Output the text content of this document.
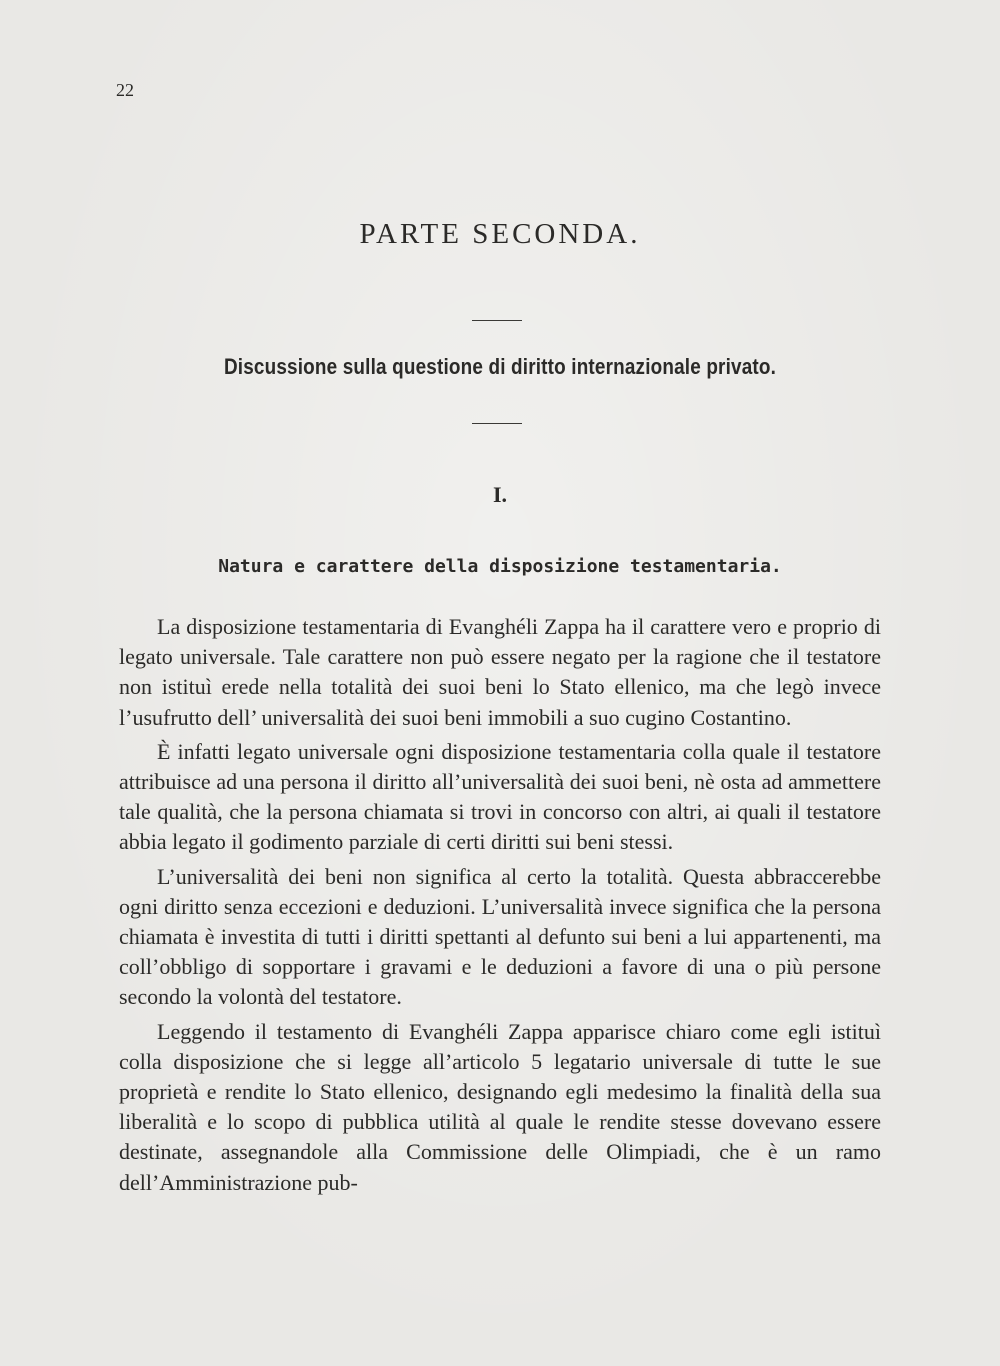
22
PARTE SECONDA.
Discussione sulla questione di diritto internazionale privato.
I.
Natura e carattere della disposizione testamentaria.

La disposizione testamentaria di Evanghéli Zappa ha il carattere vero e proprio di legato universale. Tale carattere non può essere negato per la ragione che il testatore non istituì erede nella totalità dei suoi beni lo Stato ellenico, ma che legò invece l’usufrutto dell’ universalità dei suoi beni immobili a suo cugino Costantino.

È infatti legato universale ogni disposizione testamentaria colla quale il testatore attribuisce ad una persona il diritto all’universalità dei suoi beni, nè osta ad ammettere tale qualità, che la persona chiamata si trovi in concorso con altri, ai quali il testatore abbia legato il godimento parziale di certi diritti sui beni stessi.

L’universalità dei beni non significa al certo la totalità. Questa abbraccerebbe ogni diritto senza eccezioni e deduzioni. L’universalità invece significa che la persona chiamata è investita di tutti i diritti spettanti al defunto sui beni a lui appartenenti, ma coll’obbligo di sopportare i gravami e le deduzioni a favore di una o più persone secondo la volontà del testatore.

Leggendo il testamento di Evanghéli Zappa apparisce chiaro come egli istituì colla disposizione che si legge all’articolo 5 legatario universale di tutte le sue proprietà e rendite lo Stato ellenico, designando egli medesimo la finalità della sua liberalità e lo scopo di pubblica utilità al quale le rendite stesse dovevano essere destinate, assegnandole alla Commissione delle Olimpiadi, che è un ramo dell’Amministrazione pub-
